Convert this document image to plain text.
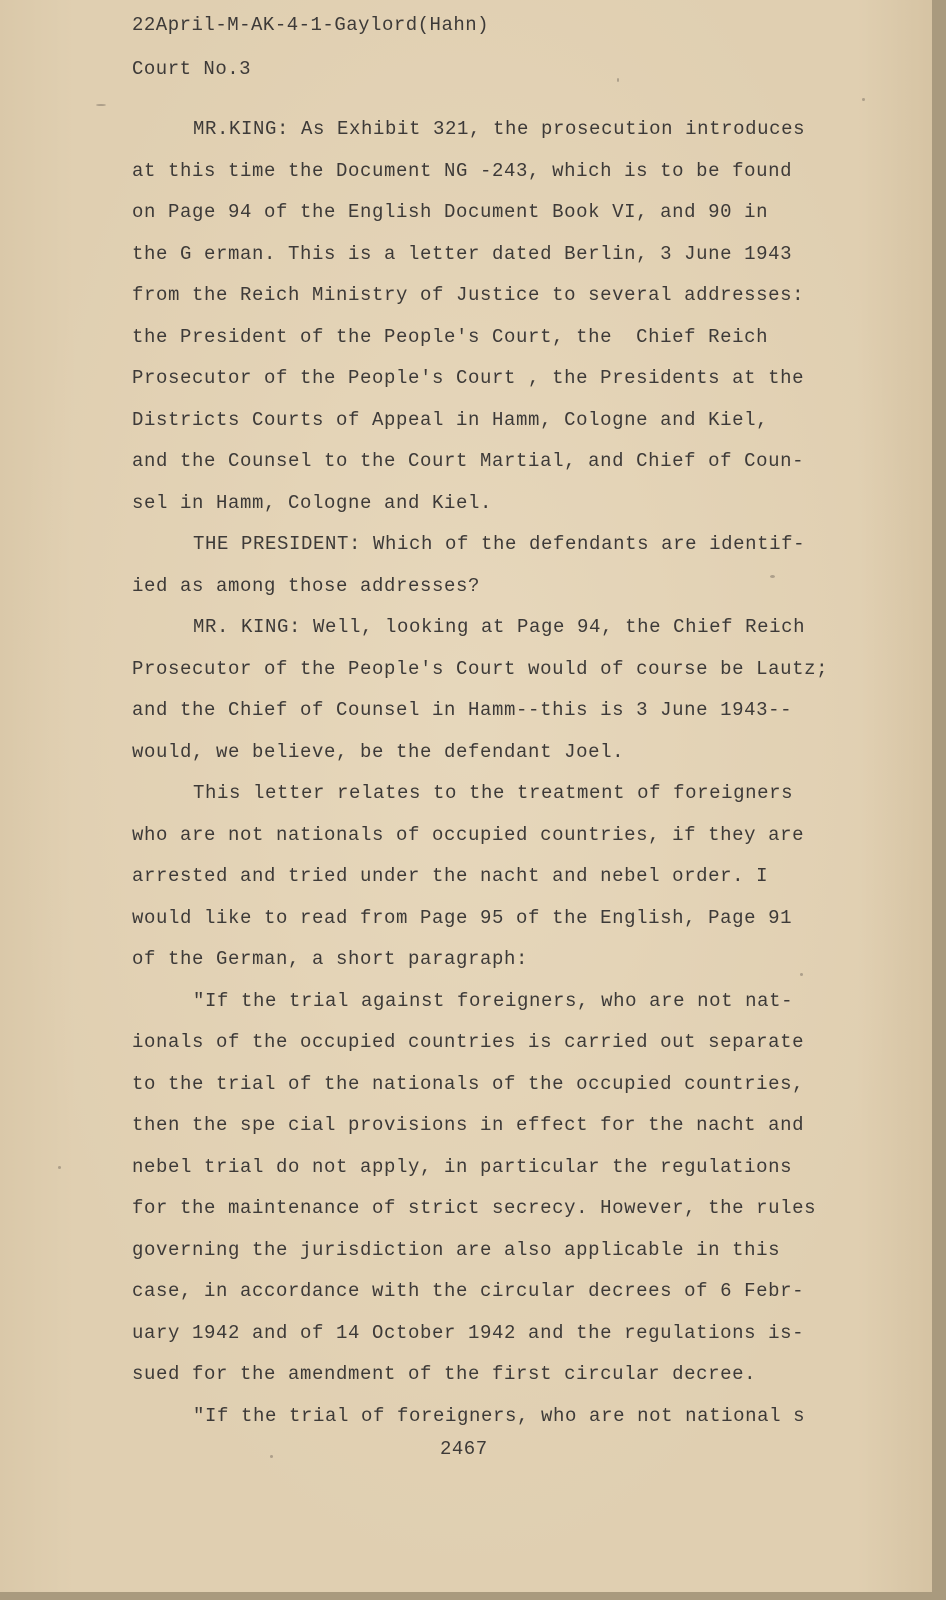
22April-M-AK-4-1-Gaylord(Hahn)
Court No.3
MR.KING: As Exhibit 321, the prosecution introduces
at this time the Document NG -243, which is to be found
on Page 94 of the English Document Book VI, and 90 in
the G erman. This is a letter dated Berlin, 3 June 1943
from the Reich Ministry of Justice to several addresses:
the President of the People's Court, the  Chief Reich
Prosecutor of the People's Court , the Presidents at the
Districts Courts of Appeal in Hamm, Cologne and Kiel,
and the Counsel to the Court Martial, and Chief of Coun-
sel in Hamm, Cologne and Kiel.
THE PRESIDENT: Which of the defendants are identif-
ied as among those addresses?
MR. KING: Well, looking at Page 94, the Chief Reich
Prosecutor of the People's Court would of course be Lautz;
and the Chief of Counsel in Hamm--this is 3 June 1943--
would, we believe, be the defendant Joel.
This letter relates to the treatment of foreigners
who are not nationals of occupied countries, if they are
arrested and tried under the nacht and nebel order. I
would like to read from Page 95 of the English, Page 91
of the German, a short paragraph:
"If the trial against foreigners, who are not nat-
ionals of the occupied countries is carried out separate
to the trial of the nationals of the occupied countries,
then the spe cial provisions in effect for the nacht and
nebel trial do not apply, in particular the regulations
for the maintenance of strict secrecy. However, the rules
governing the jurisdiction are also applicable in this
case, in accordance with the circular decrees of 6 Febr-
uary 1942 and of 14 October 1942 and the regulations is-
sued for the amendment of the first circular decree.
"If the trial of foreigners, who are not national s
2467
